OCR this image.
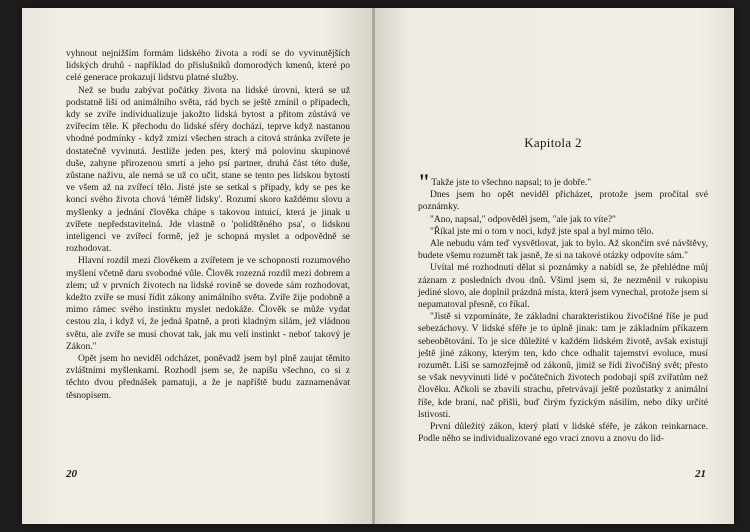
vyhnout nejnižším formám lidského života a rodí se do vyvinutějších lidských druhů - například do příslušníků domorodých kmenů, které po celé generace prokazují lidstvu platné služby.

Než se budu zabývat počátky života na lidské úrovni, která se už podstatně liší od animálního světa, rád bych se ještě zmínil o případech, kdy se zvíře individualizuje jakožto lidská bytost a přitom zůstává ve zvířecím těle. K přechodu do lidské sféry dochází, teprve když nastanou vhodné podmínky - když zmizí všechen strach a citová stránka zvířete je dostatečně vyvinutá. Jestliže jeden pes, který má polovinu skupinové duše, zahyne přirozenou smrtí a jeho psí partner, druhá část této duše, zůstane naživu, ale nemá se už co učit, stane se tento pes lidskou bytostí ve všem až na zvířecí tělo. Jisté jste se setkal s případy, kdy se pes ke konci svého života chová 'téměř lidsky'. Rozumí skoro každému slovu a myšlenky a jednání člověka chápe s takovou intuicí, která je jinak u zvířete nepředstavitelná. Jde vlastně o 'polidštěného psa', o lidskou inteligenci ve zvířecí formě, jež je schopná myslet a odpovědně se rozhodovat.

Hlavní rozdíl mezi člověkem a zvířetem je ve schopnosti rozumového myšlení včetně daru svobodné vůle. Člověk rozezná rozdíl mezi dobrem a zlem; už v prvních životech na lidské rovině se dovede sám rozhodovat, kdežto zvíře se musí řídit zákony animálního světa. Zvíře žije podobně a mimo rámec svého instinktu myslet nedokáže. Člověk se může vydat cestou zla, i když ví, že jedná špatně, a proti kladným silám, jež vládnou světu, ale zvíře se musí chovat tak, jak mu velí instinkt - neboť takový je Zákon."

Opět jsem ho neviděl odcházet, poněvadž jsem byl plně zaujat těmito zvláštními myšlenkami. Rozhodl jsem se, že napíšu všechno, co si z těchto dvou přednášek pamatuji, a že je napříště budu zaznamenávat těsnopisem.

20
Kapitola 2

"Takže jste to všechno napsal; to je dobře."

Dnes jsem ho opět neviděl přicházet, protože jsem pročítal své poznámky.

"Ano, napsal," odpověděl jsem, "ale jak to víte?"

"Říkal jste mi o tom v noci, když jste spal a byl mimo tělo.

Ale nebudu vám teď vysvětlovat, jak to bylo. Až skončím své návštěvy, budete všemu rozumět tak jasně, že si na takové otázky odpovíte sám."

Uvítal mé rozhodnutí dělat si poznámky a nabídl se, že přehlédne můj záznam z posledních dvou dnů. Všiml jsem si, že nezměnil v rukopisu jediné slovo, ale doplnil prázdná místa, která jsem vynechal, protože jsem si nepamatoval přesně, co říkal.

"Jistě si vzpomínáte, že základní charakteristikou živočišné říše je pud sebezáchovy. V lidské sféře je to úplně jinak: tam je základním příkazem sebeobětování. To je sice důležité v každém lidském životě, avšak existují ještě jiné zákony, kterým ten, kdo chce odhalit tajemství evoluce, musí rozumět. Liší se samozřejmě od zákonů, jimiž se řídí živočišný svět; přesto se však nevyvinutí lidé v počátečních životech podobají spíš zvířatům než člověku. Ačkoli se zbavili strachu, přetrvávají ještě pozůstatky z animální říše, kde braní, nač přišli, buď čirým fyzickým násilím, nebo díky určité lstivosti.

První důležitý zákon, který platí v lidské sféře, je zákon reinkarnace. Podle něho se individualizované ego vrací znovu a znovu do lid-

21
